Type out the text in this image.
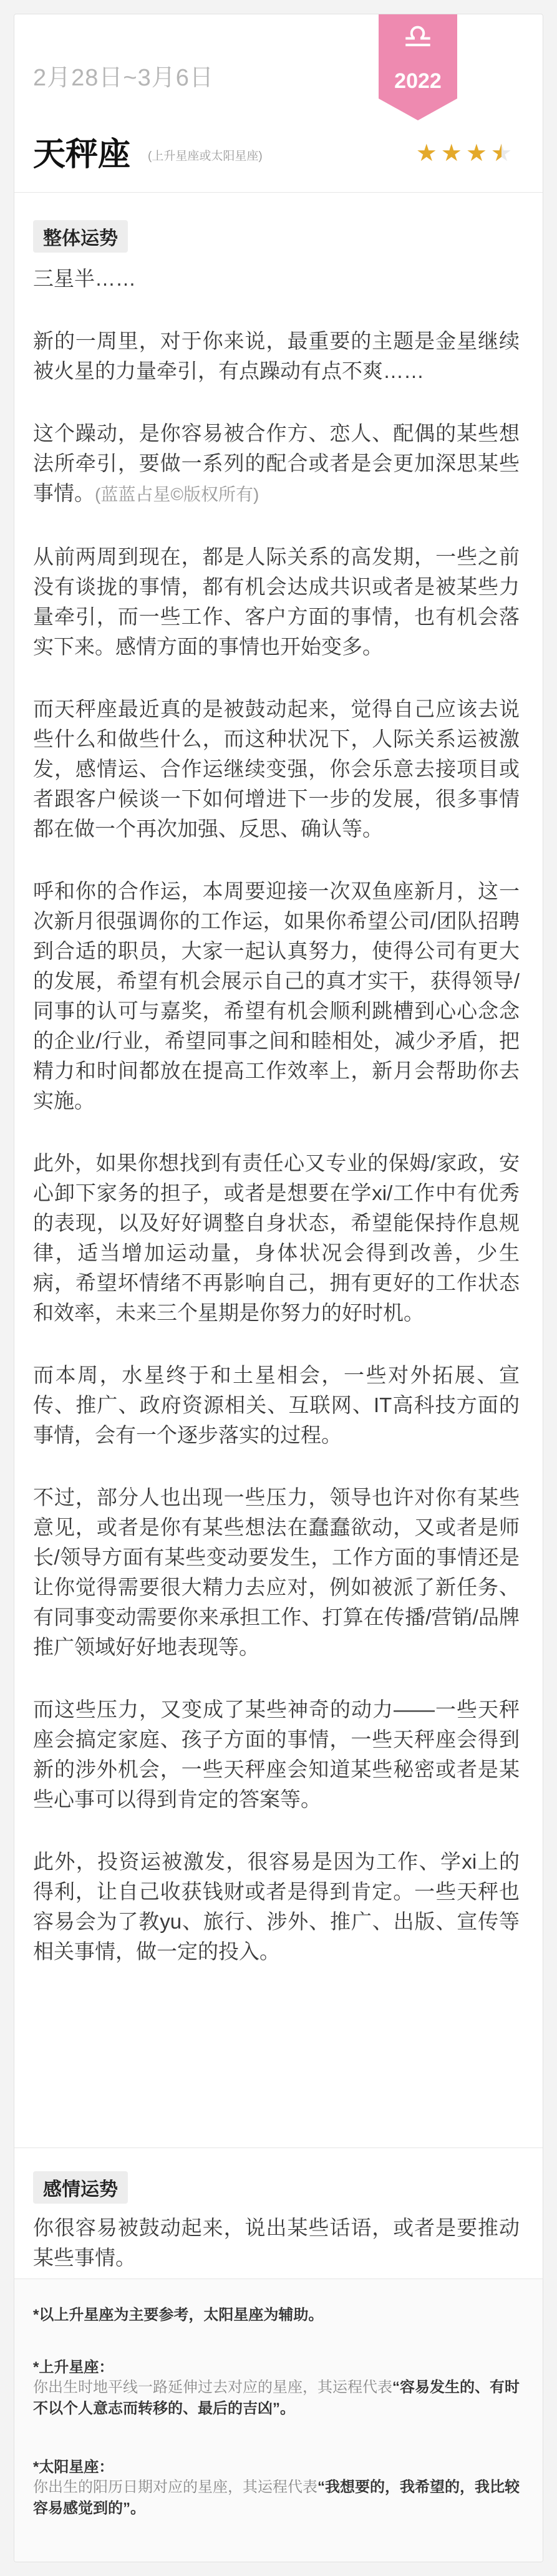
2月28日~3月6日
♎
2022
天秤座 (上升星座或太阳星座)	★ ★ ★★ ★
整体运势

三星半……

新的一周里，对于你来说，最重要的主题是金星继续被火星的力量牵引，有点躁动有点不爽……

这个躁动，是你容易被合作方、恋人、配偶的某些想法所牵引，要做一系列的配合或者是会更加深思某些事情。(蓝蓝占星©版权所有)

从前两周到现在，都是人际关系的高发期，一些之前没有谈拢的事情，都有机会达成共识或者是被某些力量牵引，而一些工作、客户方面的事情，也有机会落实下来。感情方面的事情也开始变多。

而天秤座最近真的是被鼓动起来，觉得自己应该去说些什么和做些什么，而这种状况下，人际关系运被激发，感情运、合作运继续变强，你会乐意去接项目或者跟客户候谈一下如何增进下一步的发展，很多事情都在做一个再次加强、反思、确认等。

呼和你的合作运，本周要迎接一次双鱼座新月，这一次新月很强调你的工作运，如果你希望公司/团队招聘到合适的职员，大家一起认真努力，使得公司有更大的发展，希望有机会展示自己的真才实干，获得领导/同事的认可与嘉奖，希望有机会顺利跳槽到心心念念的企业/行业，希望同事之间和睦相处，减少矛盾，把精力和时间都放在提高工作效率上，新月会帮助你去实施。

此外，如果你想找到有责任心又专业的保姆/家政，安心卸下家务的担子，或者是想要在学xi/工作中有优秀的表现，以及好好调整自身状态，希望能保持作息规律，适当增加运动量，身体状况会得到改善，少生病，希望坏情绪不再影响自己，拥有更好的工作状态和效率，未来三个星期是你努力的好时机。

而本周，水星终于和土星相会，一些对外拓展、宣传、推广、政府资源相关、互联网、IT高科技方面的事情，会有一个逐步落实的过程。

不过，部分人也出现一些压力，领导也许对你有某些意见，或者是你有某些想法在蠢蠢欲动，又或者是师长/领导方面有某些变动要发生，工作方面的事情还是让你觉得需要很大精力去应对，例如被派了新任务、有同事变动需要你来承担工作、打算在传播/营销/品牌推广领域好好地表现等。

而这些压力，又变成了某些神奇的动力——一些天秤座会搞定家庭、孩子方面的事情，一些天秤座会得到新的涉外机会，一些天秤座会知道某些秘密或者是某些心事可以得到肯定的答案等。

此外，投资运被激发，很容易是因为工作、学xi上的得利，让自己收获钱财或者是得到肯定。一些天秤也容易会为了教yu、旅行、涉外、推广、出版、宣传等相关事情，做一定的投入。

感情运势

你很容易被鼓动起来，说出某些话语，或者是要推动某些事情。

*以上升星座为主要参考，太阳星座为辅助。
*上升星座：
你出生时地平线一路延伸过去对应的星座，其运程代表“容易发生的、有时不以个人意志而转移的、最后的吉凶”。
*太阳星座：
你出生的阳历日期对应的星座，其运程代表“我想要的，我希望的，我比较容易感觉到的”。
